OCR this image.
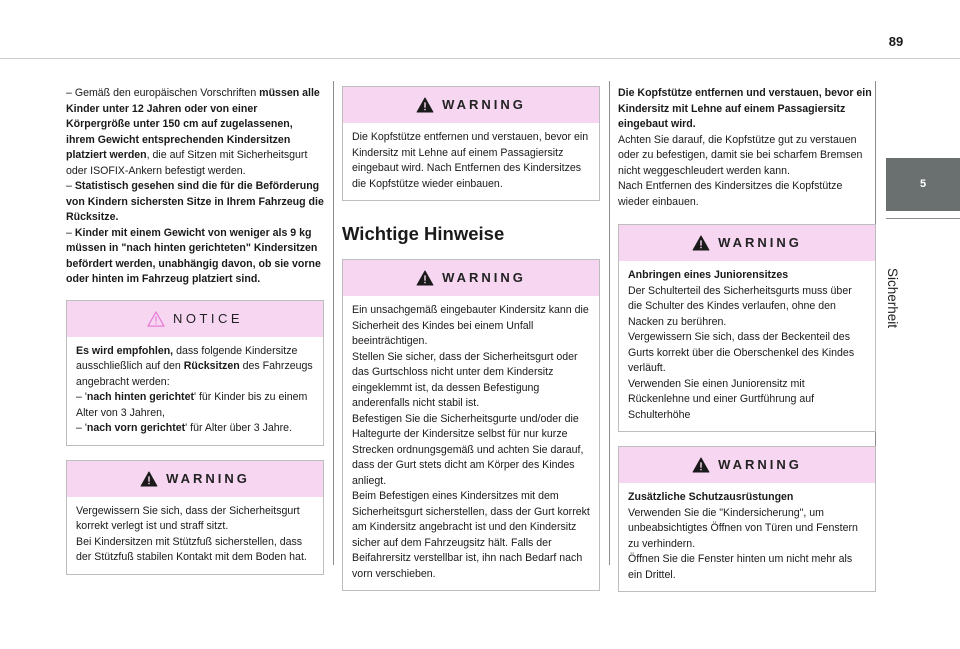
89
5
Sicherheit

– Gemäß den europäischen Vorschriften müssen alle Kinder unter 12 Jahren oder von einer Körpergröße unter 150 cm auf zugelassenen, ihrem Gewicht entsprechenden Kindersitzen platziert werden, die auf Sitzen mit Sicherheitsgurt oder ISOFIX-Ankern befestigt werden.

– Statistisch gesehen sind die für die Beförderung von Kindern sichersten Sitze in Ihrem Fahrzeug die Rücksitze.

– Kinder mit einem Gewicht von weniger als 9 kg müssen in "nach hinten gerichteten" Kindersitzen befördert werden, unabhängig davon, ob sie vorne oder hinten im Fahrzeug platziert sind.

NOTICE

Es wird empfohlen, dass folgende Kindersitze ausschließlich auf den Rücksitzen des Fahrzeugs angebracht werden:

– 'nach hinten gerichtet' für Kinder bis zu einem Alter von 3 Jahren,

– 'nach vorn gerichtet' für Alter über 3 Jahre.

WARNING

Vergewissern Sie sich, dass der Sicherheitsgurt korrekt verlegt ist und straff sitzt.
Bei Kindersitzen mit Stützfuß sicherstellen, dass der Stützfuß stabilen Kontakt mit dem Boden hat.

WARNING

Die Kopfstütze entfernen und verstauen, bevor ein Kindersitz mit Lehne auf einem Passagiersitz eingebaut wird. Nach Entfernen des Kindersitzes die Kopfstütze wieder einbauen.

Wichtige Hinweise
WARNING

Ein unsachgemäß eingebauter Kindersitz kann die Sicherheit des Kindes bei einem Unfall beeinträchtigen.
Stellen Sie sicher, dass der Sicherheitsgurt oder das Gurtschloss nicht unter dem Kindersitz eingeklemmt ist, da dessen Befestigung anderenfalls nicht stabil ist.
Befestigen Sie die Sicherheitsgurte und/oder die Haltegurte der Kindersitze selbst für nur kurze Strecken ordnungsgemäß und achten Sie darauf, dass der Gurt stets dicht am Körper des Kindes anliegt.
Beim Befestigen eines Kindersitzes mit dem Sicherheitsgurt sicherstellen, dass der Gurt korrekt am Kindersitz angebracht ist und den Kindersitz sicher auf dem Fahrzeugsitz hält. Falls der Beifahrersitz verstellbar ist, ihn nach Bedarf nach vorn verschieben.

Die Kopfstütze entfernen und verstauen, bevor ein Kindersitz mit Lehne auf einem Passagiersitz eingebaut wird.

Achten Sie darauf, die Kopfstütze gut zu verstauen oder zu befestigen, damit sie bei scharfem Bremsen nicht weggeschleudert werden kann.
Nach Entfernen des Kindersitzes die Kopfstütze wieder einbauen.

WARNING

Anbringen eines Juniorensitzes

Der Schulterteil des Sicherheitsgurts muss über die Schulter des Kindes verlaufen, ohne den Nacken zu berühren.
Vergewissern Sie sich, dass der Beckenteil des Gurts korrekt über die Oberschenkel des Kindes verläuft.
Verwenden Sie einen Juniorensitz mit Rückenlehne und einer Gurtführung auf Schulterhöhe

WARNING

Zusätzliche Schutzausrüstungen

Verwenden Sie die "Kindersicherung", um unbeabsichtigtes Öffnen von Türen und Fenstern zu verhindern.
Öffnen Sie die Fenster hinten um nicht mehr als ein Drittel.
